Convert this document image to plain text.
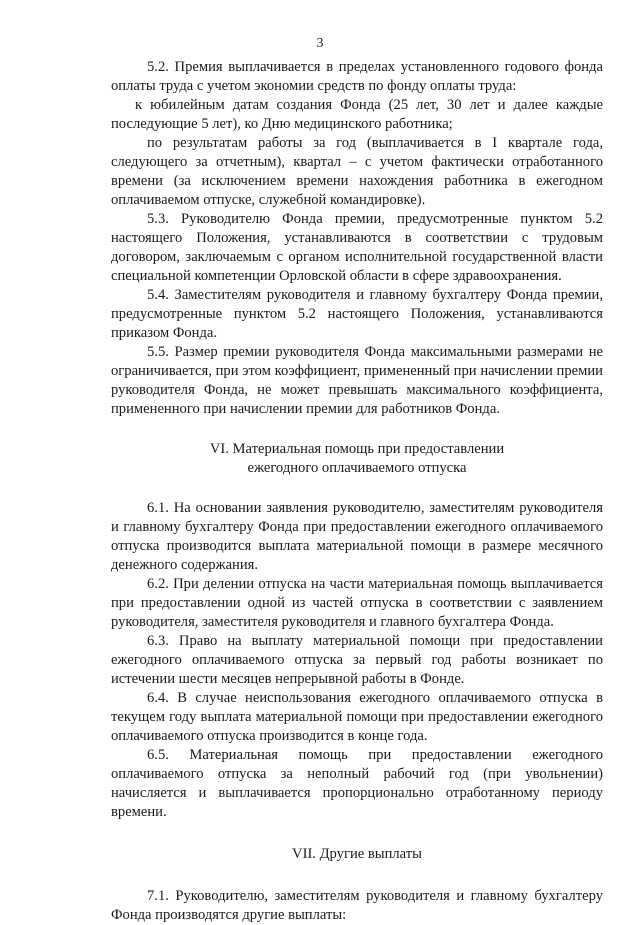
3

5.2. Премия выплачивается в пределах установленного годового фонда оплаты труда с учетом экономии средств по фонду оплаты труда:

к юбилейным датам создания Фонда (25 лет, 30 лет и далее каждые последующие 5 лет), ко Дню медицинского работника;

по результатам работы за год (выплачивается в I квартале года, следующего за отчетным), квартал – с учетом фактически отработанного времени (за исключением времени нахождения работника в ежегодном оплачиваемом отпуске, служебной командировке).

5.3. Руководителю Фонда премии, предусмотренные пунктом 5.2 настоящего Положения, устанавливаются в соответствии с трудовым договором, заключаемым с органом исполнительной государственной власти специальной компетенции Орловской области в сфере здравоохранения.

5.4. Заместителям руководителя и главному бухгалтеру Фонда премии, предусмотренные пунктом 5.2 настоящего Положения, устанавливаются приказом Фонда.

5.5. Размер премии руководителя Фонда максимальными размерами не ограничивается, при этом коэффициент, примененный при начислении премии руководителя Фонда, не может превышать максимального коэффициента, примененного при начислении премии для работников Фонда.

VI. Материальная помощь при предоставлении
ежегодного оплачиваемого отпуска

6.1. На основании заявления руководителю, заместителям руководителя и главному бухгалтеру Фонда при предоставлении ежегодного оплачиваемого отпуска производится выплата материальной помощи в размере месячного денежного содержания.

6.2. При делении отпуска на части материальная помощь выплачивается при предоставлении одной из частей отпуска в соответствии с заявлением руководителя, заместителя руководителя и главного бухгалтера Фонда.

6.3. Право на выплату материальной помощи при предоставлении ежегодного оплачиваемого отпуска за первый год работы возникает по истечении шести месяцев непрерывной работы в Фонде.

6.4. В случае неиспользования ежегодного оплачиваемого отпуска в текущем году выплата материальной помощи при предоставлении ежегодного оплачиваемого отпуска производится в конце года.

6.5. Материальная помощь при предоставлении ежегодного оплачиваемого отпуска за неполный рабочий год (при увольнении) начисляется и выплачивается пропорционально отработанному периоду времени.

VII. Другие выплаты

7.1. Руководителю, заместителям руководителя и главному бухгалтеру Фонда производятся другие выплаты:
